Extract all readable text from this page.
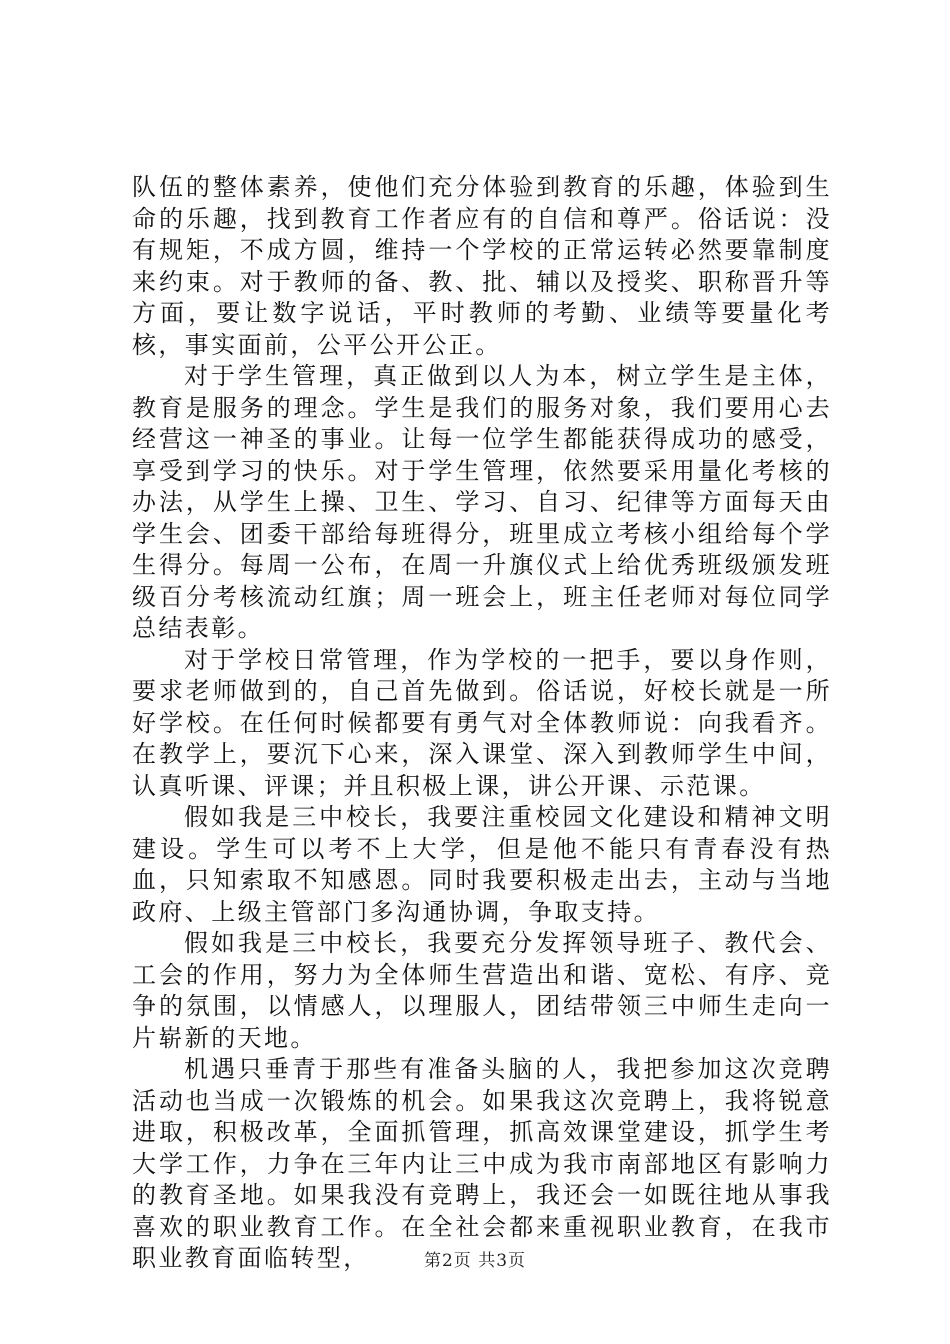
队伍的整体素养，使他们充分体验到教育的乐趣，体验到生命的乐趣，找到教育工作者应有的自信和尊严。俗话说：没有规矩，不成方圆，维持一个学校的正常运转必然要靠制度来约束。对于教师的备、教、批、辅以及授奖、职称晋升等方面，要让数字说话，平时教师的考勤、业绩等要量化考核，事实面前，公平公开公正。

对于学生管理，真正做到以人为本，树立学生是主体，教育是服务的理念。学生是我们的服务对象，我们要用心去经营这一神圣的事业。让每一位学生都能获得成功的感受，享受到学习的快乐。对于学生管理，依然要采用量化考核的办法，从学生上操、卫生、学习、自习、纪律等方面每天由学生会、团委干部给每班得分，班里成立考核小组给每个学生得分。每周一公布，在周一升旗仪式上给优秀班级颁发班级百分考核流动红旗；周一班会上，班主任老师对每位同学总结表彰。

对于学校日常管理，作为学校的一把手，要以身作则，要求老师做到的，自己首先做到。俗话说，好校长就是一所好学校。在任何时候都要有勇气对全体教师说：向我看齐。在教学上，要沉下心来，深入课堂、深入到教师学生中间，认真听课、评课；并且积极上课，讲公开课、示范课。

假如我是三中校长，我要注重校园文化建设和精神文明建设。学生可以考不上大学，但是他不能只有青春没有热血，只知索取不知感恩。同时我要积极走出去，主动与当地政府、上级主管部门多沟通协调，争取支持。

假如我是三中校长，我要充分发挥领导班子、教代会、工会的作用，努力为全体师生营造出和谐、宽松、有序、竞争的氛围，以情感人，以理服人，团结带领三中师生走向一片崭新的天地。

机遇只垂青于那些有准备头脑的人，我把参加这次竞聘活动也当成一次锻炼的机会。如果我这次竞聘上，我将锐意进取，积极改革，全面抓管理，抓高效课堂建设，抓学生考大学工作，力争在三年内让三中成为我市南部地区有影响力的教育圣地。如果我没有竞聘上，我还会一如既往地从事我喜欢的职业教育工作。在全社会都来重视职业教育，在我市职业教育面临转型，	第2页 共3页
